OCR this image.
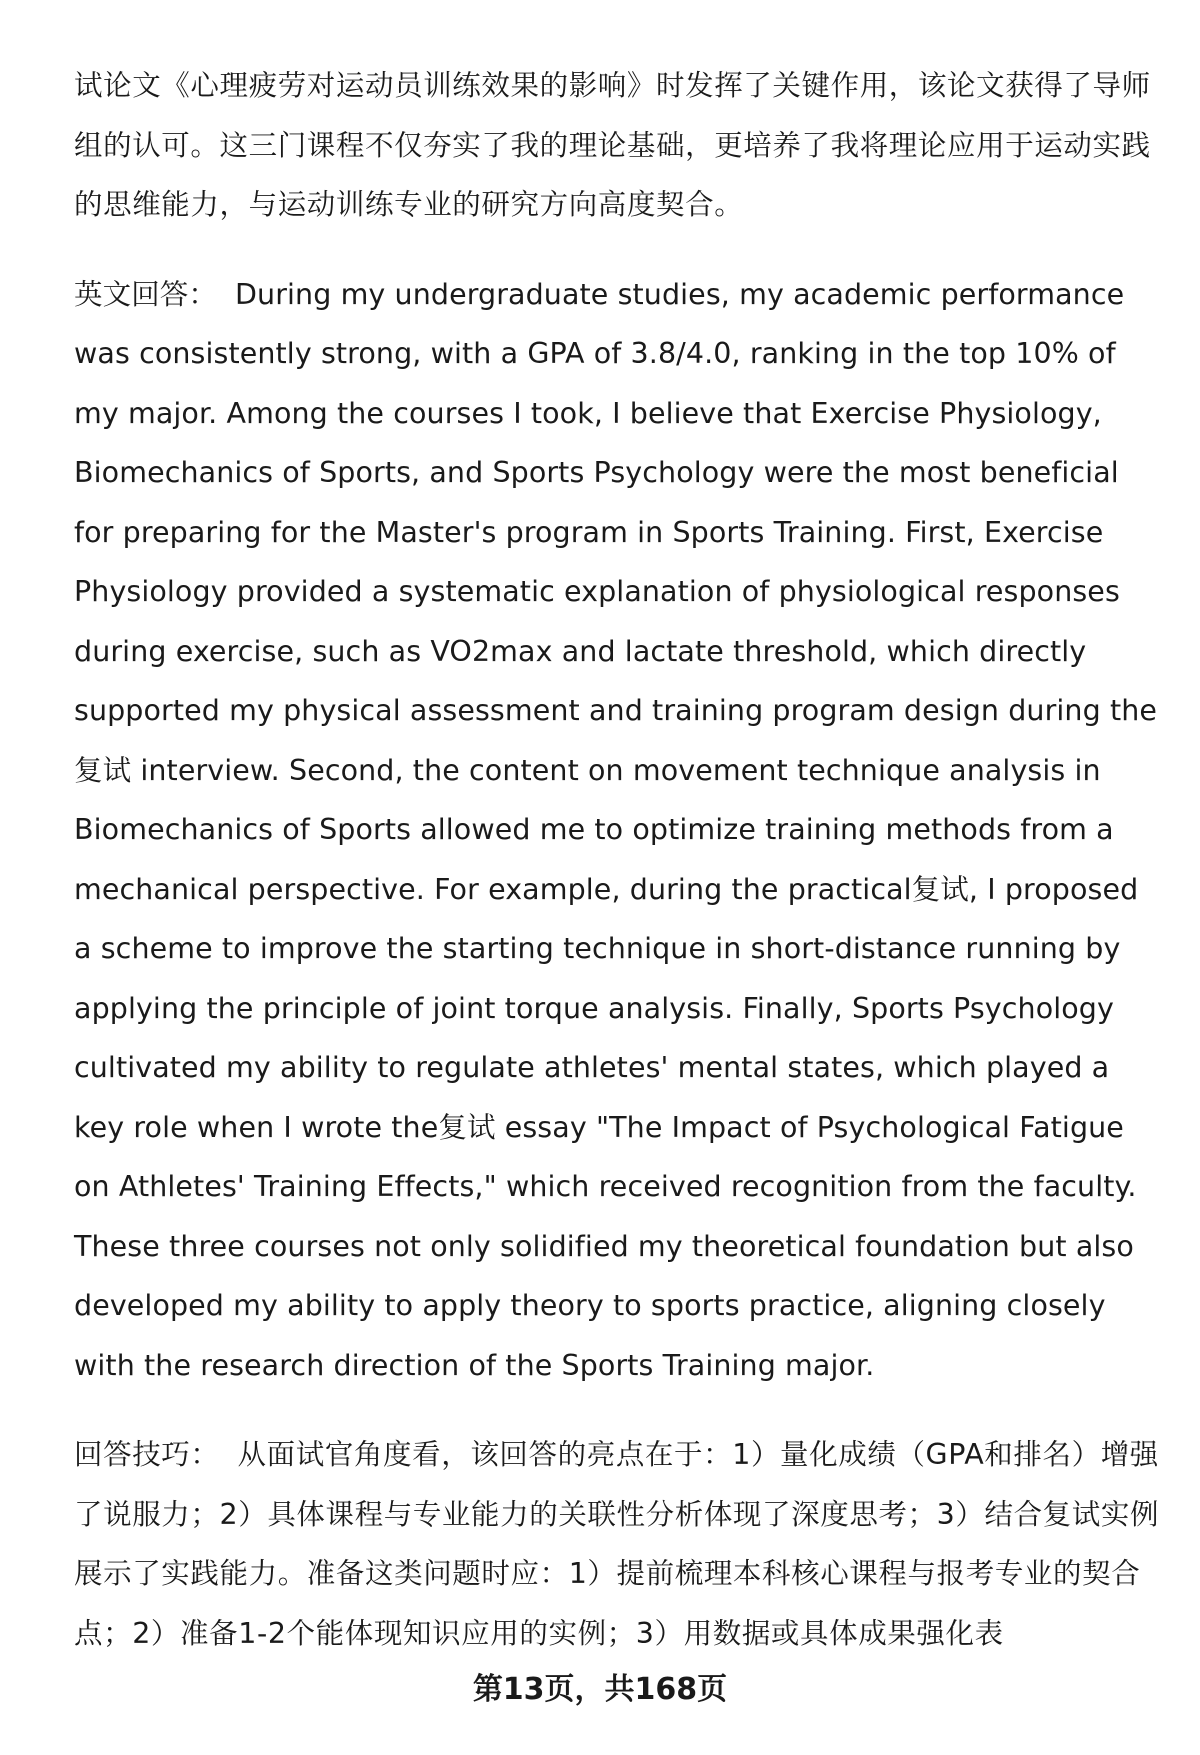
试论文《心理疲劳对运动员训练效果的影响》时发挥了关键作用，该论文获得了导师组的认可。这三门课程不仅夯实了我的理论基础，更培养了我将理论应用于运动实践的思维能力，与运动训练专业的研究方向高度契合。

英文回答： During my undergraduate studies, my academic performance was consistently strong, with a GPA of 3.8/4.0, ranking in the top 10% of my major. Among the courses I took, I believe that Exercise Physiology, Biomechanics of Sports, and Sports Psychology were the most beneficial for preparing for the Master's program in Sports Training. First, Exercise Physiology provided a systematic explanation of physiological responses during exercise, such as VO2max and lactate threshold, which directly supported my physical assessment and training program design during the 复试 interview. Second, the content on movement technique analysis in Biomechanics of Sports allowed me to optimize training methods from a mechanical perspective. For example, during the practical复试, I proposed a scheme to improve the starting technique in short-distance running by applying the principle of joint torque analysis. Finally, Sports Psychology cultivated my ability to regulate athletes' mental states, which played a key role when I wrote the复试 essay "The Impact of Psychological Fatigue on Athletes' Training Effects," which received recognition from the faculty. These three courses not only solidified my theoretical foundation but also developed my ability to apply theory to sports practice, aligning closely with the research direction of the Sports Training major.

回答技巧： 从面试官角度看，该回答的亮点在于：1）量化成绩（GPA和排名）增强了说服力；2）具体课程与专业能力的关联性分析体现了深度思考；3）结合复试实例展示了实践能力。准备这类问题时应：1）提前梳理本科核心课程与报考专业的契合点；2）准备1-2个能体现知识应用的实例；3）用数据或具体成果强化表

第13页，共168页
